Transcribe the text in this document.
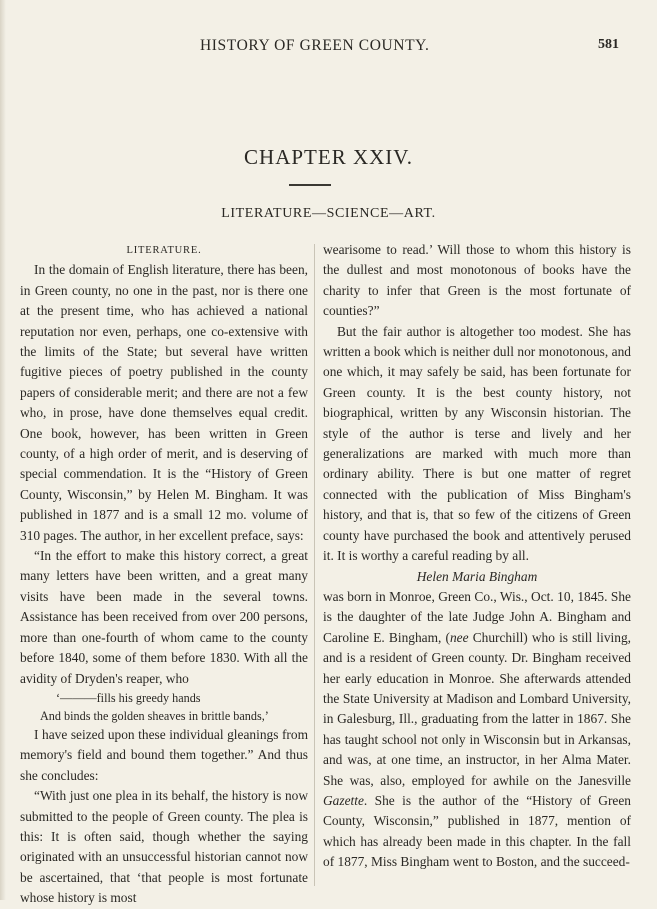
HISTORY OF GREEN COUNTY.	581
CHAPTER XXIV.
LITERATURE—SCIENCE—ART.
LITERATURE.

In the domain of English literature, there has been, in Green county, no one in the past, nor is there one at the present time, who has achieved a national reputation nor even, perhaps, one co-extensive with the limits of the State; but several have written fugitive pieces of poetry published in the county papers of considerable merit; and there are not a few who, in prose, have done themselves equal credit. One book, however, has been written in Green county, of a high order of merit, and is deserving of special commendation. It is the “History of Green County, Wisconsin,” by Helen M. Bingham. It was published in 1877 and is a small 12 mo. volume of 310 pages. The author, in her excellent preface, says:

“In the effort to make this history correct, a great many letters have been written, and a great many visits have been made in the several towns. Assistance has been received from over 200 persons, more than one-fourth of whom came to the county before 1840, some of them before 1830. With all the avidity of Dryden's reaper, who

‘———fills his greedy hands
And binds the golden sheaves in brittle bands,’

I have seized upon these individual gleanings from memory's field and bound them together.” And thus she concludes:

“With just one plea in its behalf, the history is now submitted to the people of Green county. The plea is this: It is often said, though whether the saying originated with an unsuccessful historian cannot now be ascertained, that ‘that people is most fortunate whose history is most

wearisome to read.’ Will those to whom this history is the dullest and most monotonous of books have the charity to infer that Green is the most fortunate of counties?”

But the fair author is altogether too modest. She has written a book which is neither dull nor monotonous, and one which, it may safely be said, has been fortunate for Green county. It is the best county history, not biographical, written by any Wisconsin historian. The style of the author is terse and lively and her generalizations are marked with much more than ordinary ability. There is but one matter of regret connected with the publication of Miss Bingham's history, and that is, that so few of the citizens of Green county have purchased the book and attentively perused it. It is worthy a careful reading by all.

Helen Maria Bingham

was born in Monroe, Green Co., Wis., Oct. 10, 1845. She is the daughter of the late Judge John A. Bingham and Caroline E. Bingham, (nee Churchill) who is still living, and is a resident of Green county. Dr. Bingham received her early education in Monroe. She afterwards attended the State University at Madison and Lombard University, in Galesburg, Ill., graduating from the latter in 1867. She has taught school not only in Wisconsin but in Arkansas, and was, at one time, an instructor, in her Alma Mater. She was, also, employed for awhile on the Janesville Gazette. She is the author of the “History of Green County, Wisconsin,” published in 1877, mention of which has already been made in this chapter. In the fall of 1877, Miss Bingham went to Boston, and the succeed-
